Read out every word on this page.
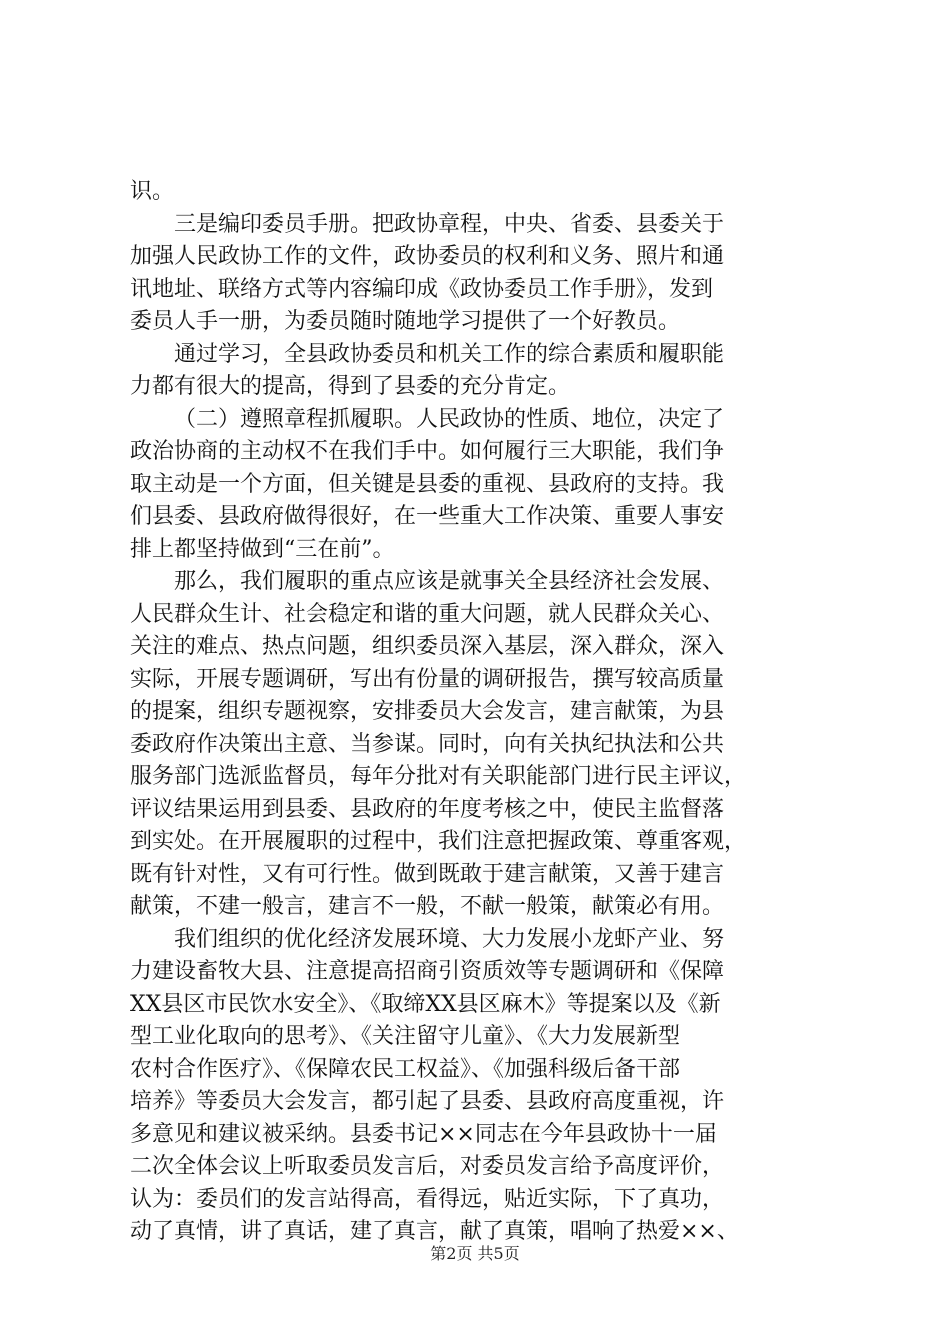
识。
三是编印委员手册。把政协章程，中央、省委、县委关于
加强人民政协工作的文件，政协委员的权利和义务、照片和通
讯地址、联络方式等内容编印成《政协委员工作手册》，发到
委员人手一册，为委员随时随地学习提供了一个好教员。
通过学习，全县政协委员和机关工作的综合素质和履职能
力都有很大的提高，得到了县委的充分肯定。
（二）遵照章程抓履职。人民政协的性质、地位，决定了
政治协商的主动权不在我们手中。如何履行三大职能，我们争
取主动是一个方面，但关键是县委的重视、县政府的支持。我
们县委、县政府做得很好，在一些重大工作决策、重要人事安
排上都坚持做到“三在前”。
那么，我们履职的重点应该是就事关全县经济社会发展、
人民群众生计、社会稳定和谐的重大问题，就人民群众关心、
关注的难点、热点问题，组织委员深入基层，深入群众，深入
实际，开展专题调研，写出有份量的调研报告，撰写较高质量
的提案，组织专题视察，安排委员大会发言，建言献策，为县
委政府作决策出主意、当参谋。同时，向有关执纪执法和公共
服务部门选派监督员，每年分批对有关职能部门进行民主评议，
评议结果运用到县委、县政府的年度考核之中，使民主监督落
到实处。在开展履职的过程中，我们注意把握政策、尊重客观，
既有针对性，又有可行性。做到既敢于建言献策，又善于建言
献策，不建一般言，建言不一般，不献一般策，献策必有用。
我们组织的优化经济发展环境、大力发展小龙虾产业、努
力建设畜牧大县、注意提高招商引资质效等专题调研和《保障
XX县区市民饮水安全》、《取缔XX县区麻木》等提案以及《新
型工业化取向的思考》、《关注留守儿童》、《大力发展新型
农村合作医疗》、《保障农民工权益》、《加强科级后备干部
培养》等委员大会发言，都引起了县委、县政府高度重视，许
多意见和建议被采纳。县委书记××同志在今年县政协十一届
二次全体会议上听取委员发言后，对委员发言给予高度评价，
认为：委员们的发言站得高，看得远，贴近实际，下了真功，
动了真情，讲了真话，建了真言，献了真策，唱响了热爱××、
第2页 共5页
